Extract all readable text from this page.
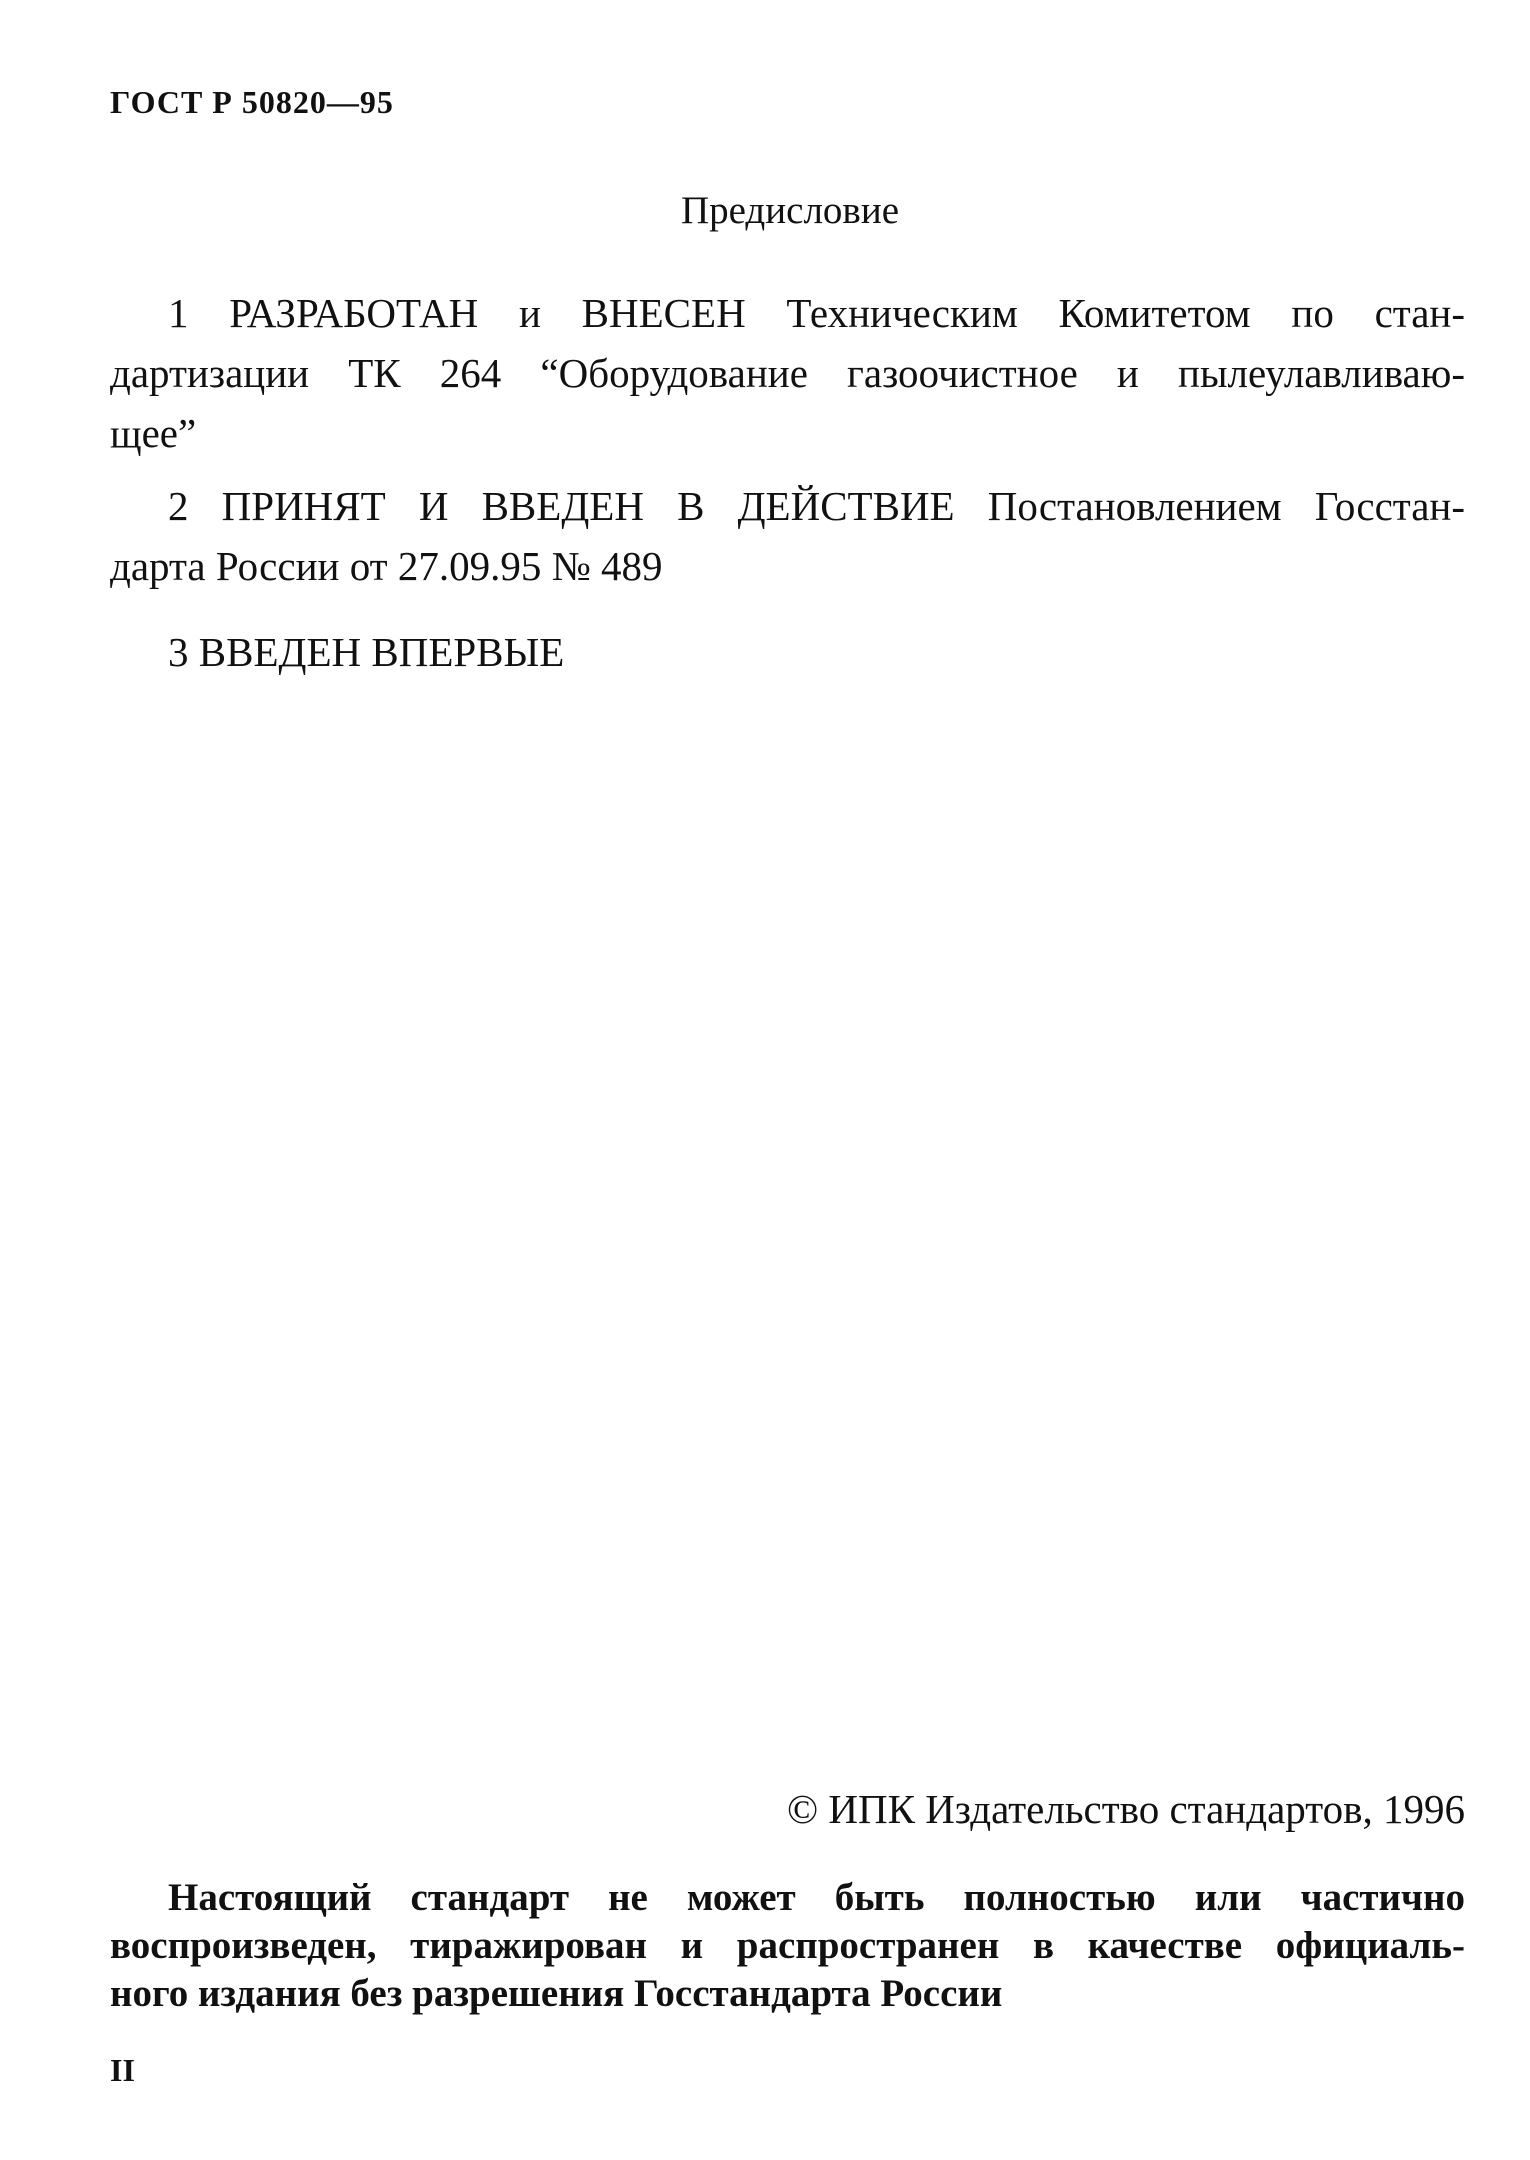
ГОСТ Р 50820—95
Предисловие
1 РАЗРАБОТАН и ВНЕСЕН Техническим Комитетом по стан-
дартизации ТК 264 “Оборудование газоочистное и пылеулавливаю-
щее”
2 ПРИНЯТ И ВВЕДЕН В ДЕЙСТВИЕ Постановлением Госстан-
дарта России от 27.09.95 № 489
3 ВВЕДЕН ВПЕРВЫЕ
© ИПК Издательство стандартов, 1996
Настоящий стандарт не может быть полностью или частично
воспроизведен, тиражирован и распространен в качестве официаль-
ного издания без разрешения Госстандарта России
II
